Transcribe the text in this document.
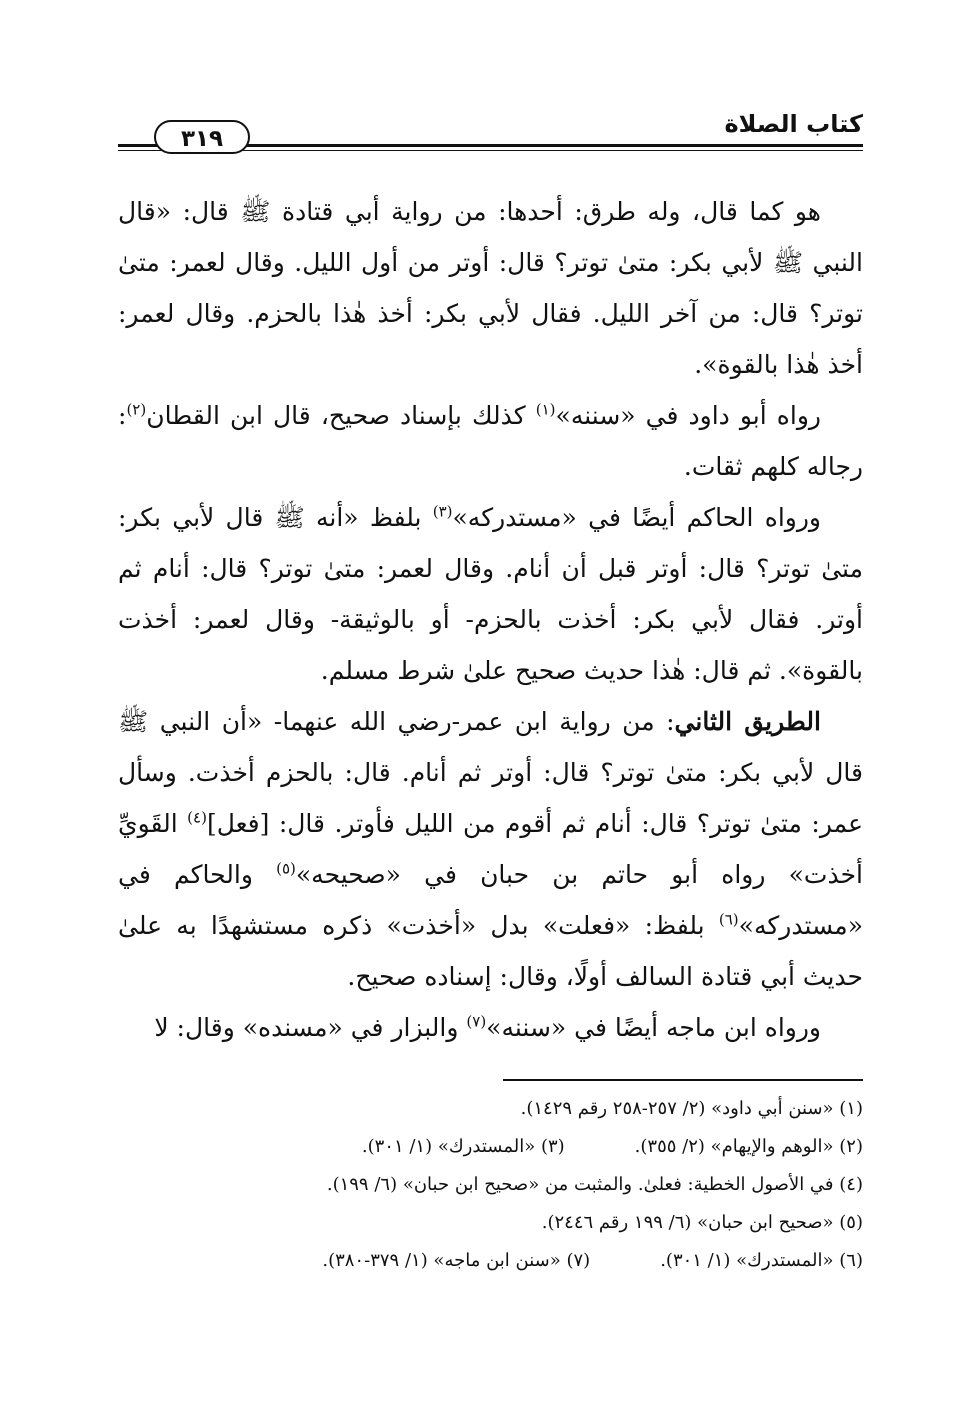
كتاب الصلاة
٣١٩

هو كما قال، وله طرق: أحدها: من رواية أبي قتادة ﷺ قال: «قال النبي ﷺ لأبي بكر: متىٰ توتر؟ قال: أوتر من أول الليل. وقال لعمر: متىٰ توتر؟ قال: من آخر الليل. فقال لأبي بكر: أخذ هٰذا بالحزم. وقال لعمر: أخذ هٰذا بالقوة».

رواه أبو داود في «سننه»$^{(١)}$ كذلك بإسناد صحيح، قال ابن القطان$^{(٢)}$: رجاله كلهم ثقات.

ورواه الحاكم أيضًا في «مستدركه»$^{(٣)}$ بلفظ «أنه ﷺ قال لأبي بكر: متىٰ توتر؟ قال: أوتر قبل أن أنام. وقال لعمر: متىٰ توتر؟ قال: أنام ثم أوتر. فقال لأبي بكر: أخذت بالحزم- أو بالوثيقة- وقال لعمر: أخذت بالقوة». ثم قال: هٰذا حديث صحيح علىٰ شرط مسلم.

الطريق الثاني: من رواية ابن عمر-رضي الله عنهما- «أن النبي ﷺ قال لأبي بكر: متىٰ توتر؟ قال: أوتر ثم أنام. قال: بالحزم أخذت. وسأل عمر: متىٰ توتر؟ قال: أنام ثم أقوم من الليل فأوتر. قال: [فعل]$^{(٤)}$ القَويِّ أخذت» رواه أبو حاتم بن حبان في «صحيحه»$^{(٥)}$ والحاكم في «مستدركه»$^{(٦)}$ بلفظ: «فعلت» بدل «أخذت» ذكره مستشهدًا به علىٰ حديث أبي قتادة السالف أولًا، وقال: إسناده صحيح.

ورواه ابن ماجه أيضًا في «سننه»$^{(٧)}$ والبزار في «مسنده» وقال: لا

(١) «سنن أبي داود» (٢/ ٢٥٧-٢٥٨ رقم ١٤٢٩).
(٢) «الوهم والإيهام» (٢/ ٣٥٥).(٣) «المستدرك» (١/ ٣٠١).
(٤) في الأصول الخطية: فعلىٰ. والمثبت من «صحيح ابن حبان» (٦/ ١٩٩).
(٥) «صحيح ابن حبان» (٦/ ١٩٩ رقم ٢٤٤٦).
(٦) «المستدرك» (١/ ٣٠١).(٧) «سنن ابن ماجه» (١/ ٣٧٩-٣٨٠).
